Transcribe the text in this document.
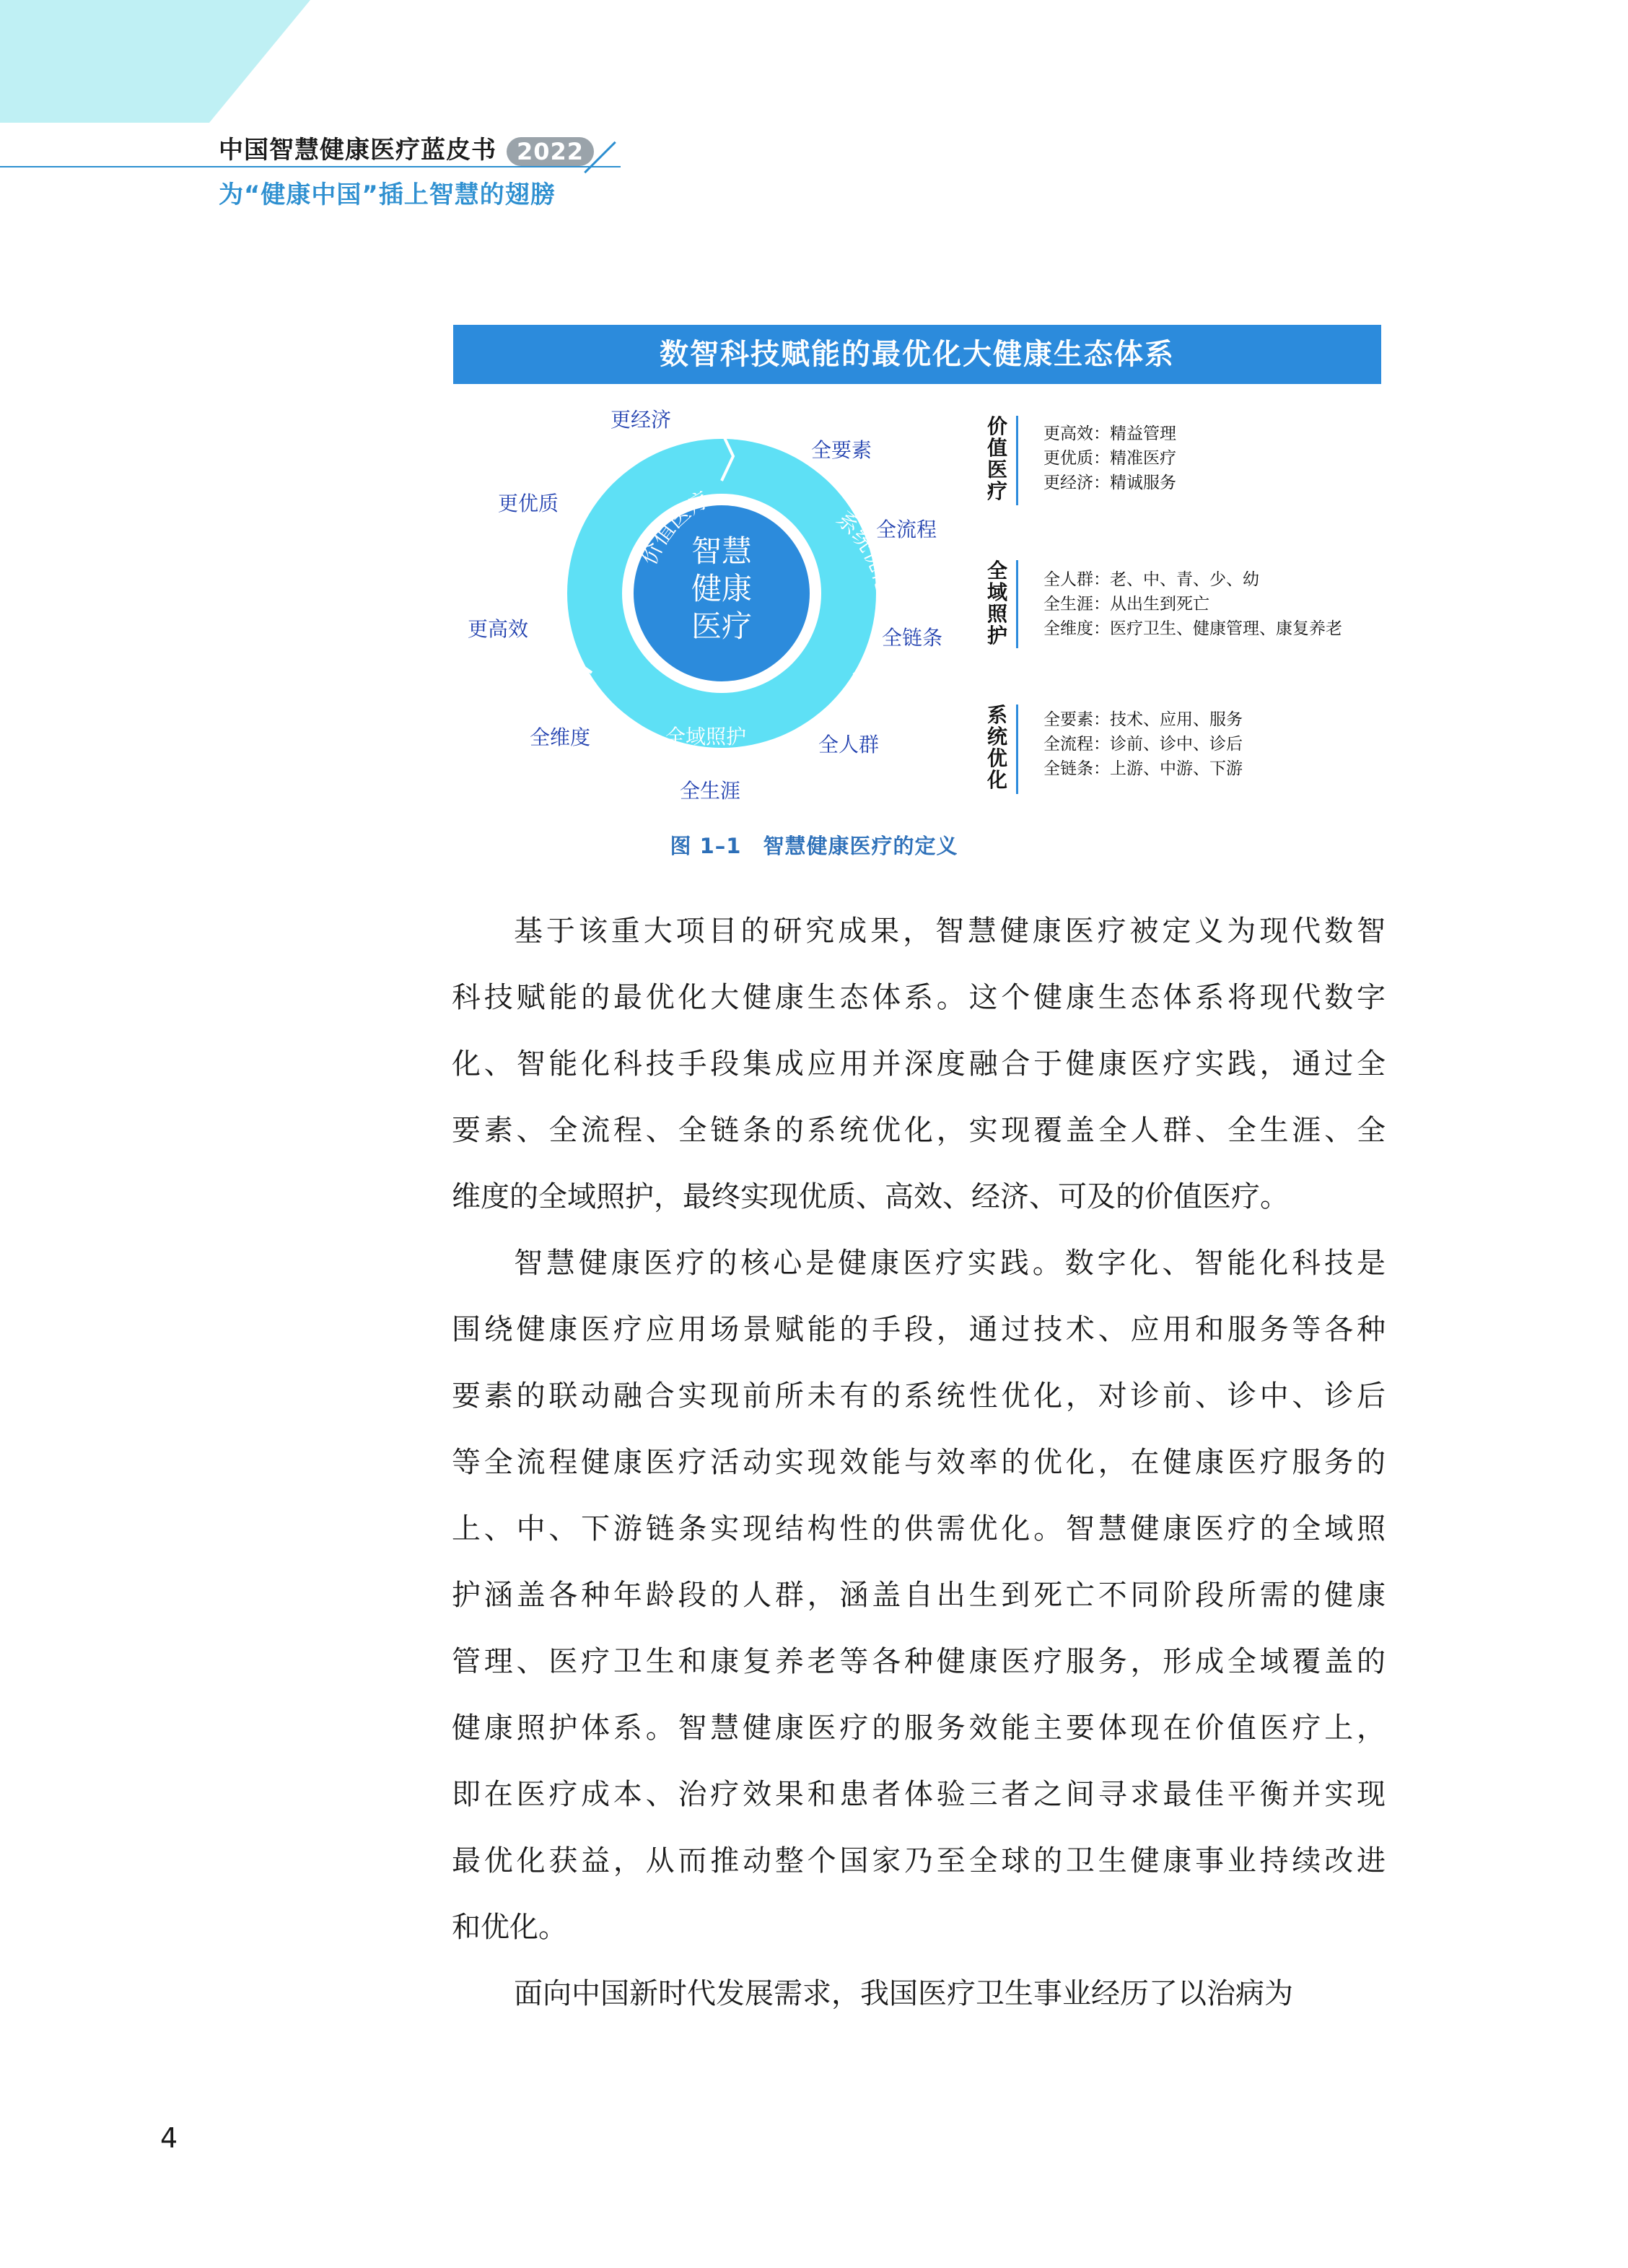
中国智慧健康医疗蓝皮书 2022
为“健康中国”插上智慧的翅膀
数智科技赋能的最优化大健康生态体系
智慧
健康
医疗
价值医疗
系统优化
全域照护
更经济
全要素
更优质
全流程
更高效	全链条
全维度	全人群
全生涯
价值医疗
更高效：精益管理
更优质：精准医疗
更经济：精诚服务
全域照护
全人群：老、中、青、少、幼
全生涯：从出生到死亡
全维度：医疗卫生、健康管理、康复养老
系统优化
全要素：技术、应用、服务
全流程：诊前、诊中、诊后
全链条：上游、中游、下游
图 1–1　智慧健康医疗的定义

基于该重大项目的研究成果，智慧健康医疗被定义为现代数智
科技赋能的最优化大健康生态体系。这个健康生态体系将现代数字
化、智能化科技手段集成应用并深度融合于健康医疗实践，通过全
要素、全流程、全链条的系统优化，实现覆盖全人群、全生涯、全
维度的全域照护，最终实现优质、高效、经济、可及的价值医疗。

智慧健康医疗的核心是健康医疗实践。数字化、智能化科技是
围绕健康医疗应用场景赋能的手段，通过技术、应用和服务等各种
要素的联动融合实现前所未有的系统性优化，对诊前、诊中、诊后
等全流程健康医疗活动实现效能与效率的优化，在健康医疗服务的
上、中、下游链条实现结构性的供需优化。智慧健康医疗的全域照
护涵盖各种年龄段的人群，涵盖自出生到死亡不同阶段所需的健康
管理、医疗卫生和康复养老等各种健康医疗服务，形成全域覆盖的
健康照护体系。智慧健康医疗的服务效能主要体现在价值医疗上，
即在医疗成本、治疗效果和患者体验三者之间寻求最佳平衡并实现
最优化获益，从而推动整个国家乃至全球的卫生健康事业持续改进
和优化。

面向中国新时代发展需求，我国医疗卫生事业经历了以治病为

4
